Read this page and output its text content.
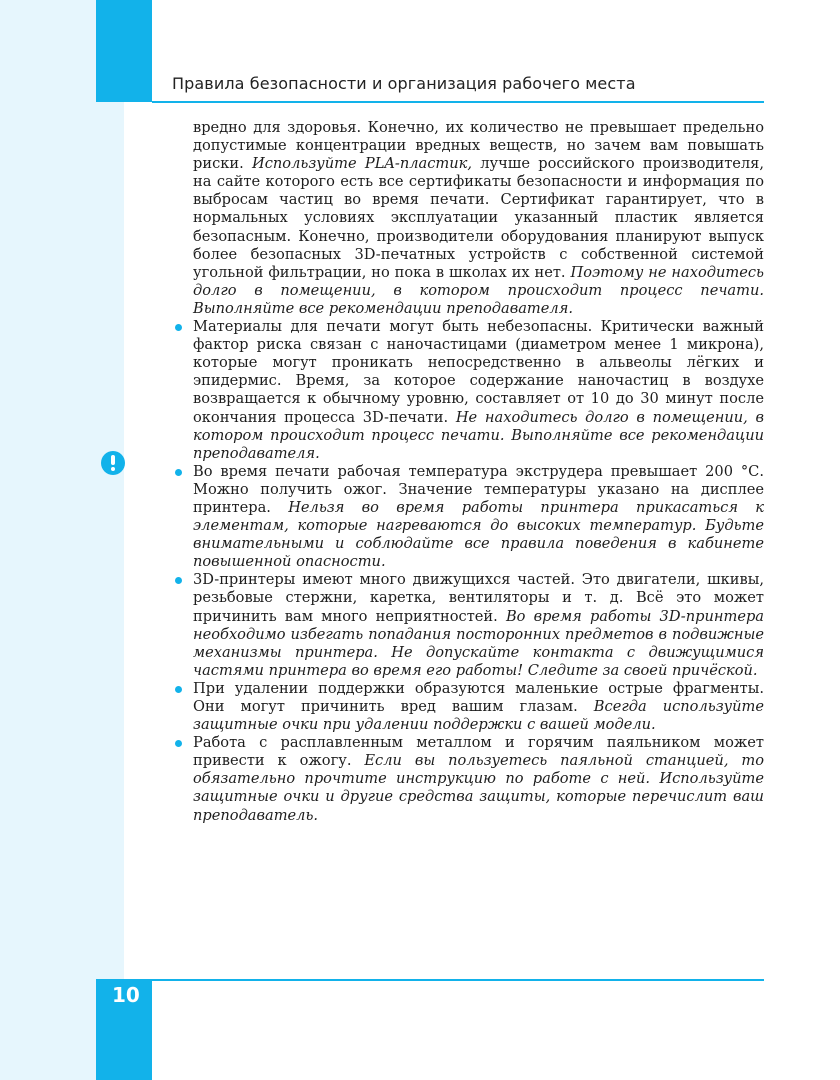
Правила безопасности и организация рабочего места

вредно для здоровья. Конечно, их количество не превышает предельно допустимые концентрации вредных веществ, но зачем вам повышать риски. Используйте PLA-пластик, лучше российского производителя, на сайте которого есть все сертификаты безопасности и информация по выбросам частиц во время печати. Сертификат гарантирует, что в нормальных условиях эксплуатации указанный пластик является безопасным. Конечно, производители оборудования планируют выпуск более безопасных 3D-печатных устройств с собственной системой угольной фильтрации, но пока в школах их нет. Поэтому не находитесь долго в помещении, в котором происходит процесс печати. Выполняйте все рекомендации преподавателя.

Материалы для печати могут быть небезопасны. Критически важный фактор риска связан с наночастицами (диаметром менее 1 микрона), которые могут проникать непосредственно в альвеолы лёгких и эпидермис. Время, за которое содержание наночастиц в воздухе возвращается к обычному уровню, составляет от 10 до 30 минут после окончания процесса 3D-печати. Не находитесь долго в помещении, в котором происходит процесс печати. Выполняйте все рекомендации преподавателя.
Во время печати рабочая температура экструдера превышает 200 °С. Можно получить ожог. Значение температуры указано на дисплее принтера. Нельзя во время работы принтера прикасаться к элементам, которые нагреваются до высоких температур. Будьте внимательными и соблюдайте все правила поведения в кабинете повышенной опасности.
3D-принтеры имеют много движущихся частей. Это двигатели, шкивы, резьбовые стержни, каретка, вентиляторы и т. д. Всё это может причинить вам много неприятностей. Во время работы 3D-принтера необходимо избегать попадания посторонних предметов в подвижные механизмы принтера. Не допускайте контакта с движущимися частями принтера во время его работы! Следите за своей причёской.
При удалении поддержки образуются маленькие острые фрагменты. Они могут причинить вред вашим глазам. Всегда используйте защитные очки при удалении поддержки с вашей модели.
Работа с расплавленным металлом и горячим паяльником может привести к ожогу. Если вы пользуетесь паяльной станцией, то обязательно прочтите инструкцию по работе с ней. Используйте защитные очки и другие средства защиты, которые перечислит ваш преподаватель.
10
